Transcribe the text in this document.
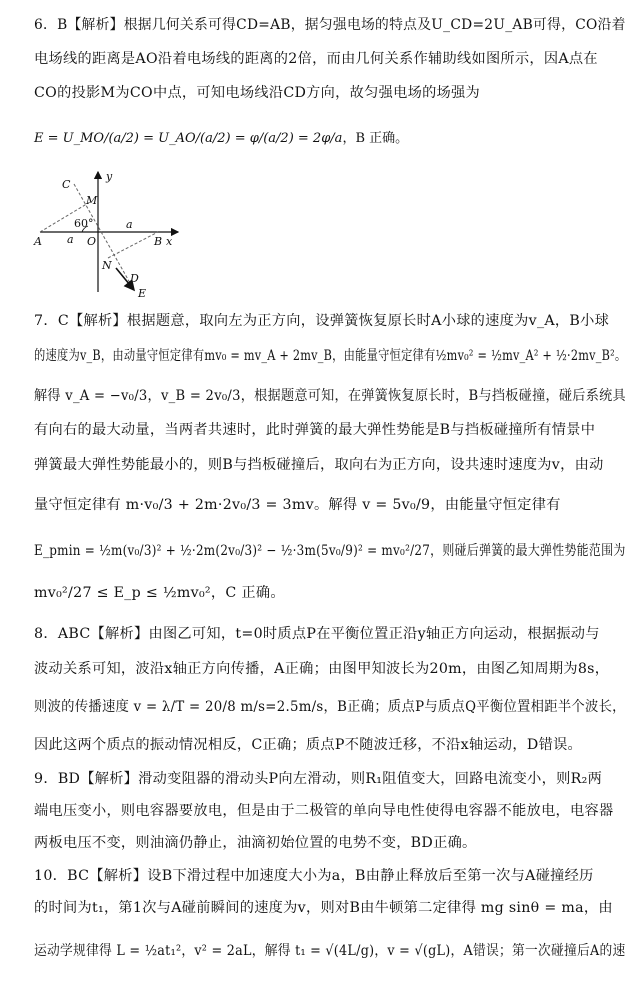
6．B【解析】根据几何关系可得CD=AB，据匀强电场的特点及U_CD=2U_AB可得，CO沿着
电场线的距离是AO沿着电场线的距离的2倍，而由几何关系作辅助线如图所示，因A点在
CO的投影M为CO中点，可知电场线沿CD方向，故匀强电场的场强为
E = U_MO/(a/2) = U_AO/(a/2) = φ/(a/2) = 2φ/a，B 正确。
C
M
y
60°
A a O
a
B x
N
D
E
7．C【解析】根据题意，取向左为正方向，设弹簧恢复原长时A小球的速度为v_A，B小球
的速度为v_B，由动量守恒定律有mv₀ = mv_A + 2mv_B，由能量守恒定律有½mv₀² = ½mv_A² + ½·2mv_B²。
解得 v_A = −v₀/3，v_B = 2v₀/3，根据题意可知，在弹簧恢复原长时，B与挡板碰撞，碰后系统具
有向右的最大动量，当两者共速时，此时弹簧的最大弹性势能是B与挡板碰撞所有情景中
弹簧最大弹性势能最小的，则B与挡板碰撞后，取向右为正方向，设共速时速度为v，由动
量守恒定律有 m·v₀/3 + 2m·2v₀/3 = 3mv。解得 v = 5v₀/9，由能量守恒定律有
E_pmin = ½m(v₀/3)² + ½·2m(2v₀/3)² − ½·3m(5v₀/9)² = mv₀²/27，则碰后弹簧的最大弹性势能范围为
mv₀²/27 ≤ E_p ≤ ½mv₀²，C 正确。
8．ABC【解析】由图乙可知，t=0时质点P在平衡位置正沿y轴正方向运动，根据振动与
波动关系可知，波沿x轴正方向传播，A正确；由图甲知波长为20m，由图乙知周期为8s，
则波的传播速度 v = λ/T = 20/8 m/s=2.5m/s，B正确；质点P与质点Q平衡位置相距半个波长，
因此这两个质点的振动情况相反，C正确；质点P不随波迁移，不沿x轴运动，D错误。
9．BD【解析】滑动变阻器的滑动头P向左滑动，则R₁阻值变大，回路电流变小，则R₂两
端电压变小，则电容器要放电，但是由于二极管的单向导电性使得电容器不能放电，电容器
两板电压不变，则油滴仍静止，油滴初始位置的电势不变，BD正确。
10．BC【解析】设B下滑过程中加速度大小为a，B由静止释放后至第一次与A碰撞经历
的时间为t₁，第1次与A碰前瞬间的速度为v，则对B由牛顿第二定律得 mg sinθ = ma，由
运动学规律得 L = ½at₁²，v² = 2aL，解得 t₁ = √(4L/g)，v = √(gL)，A错误；第一次碰撞后A的速
